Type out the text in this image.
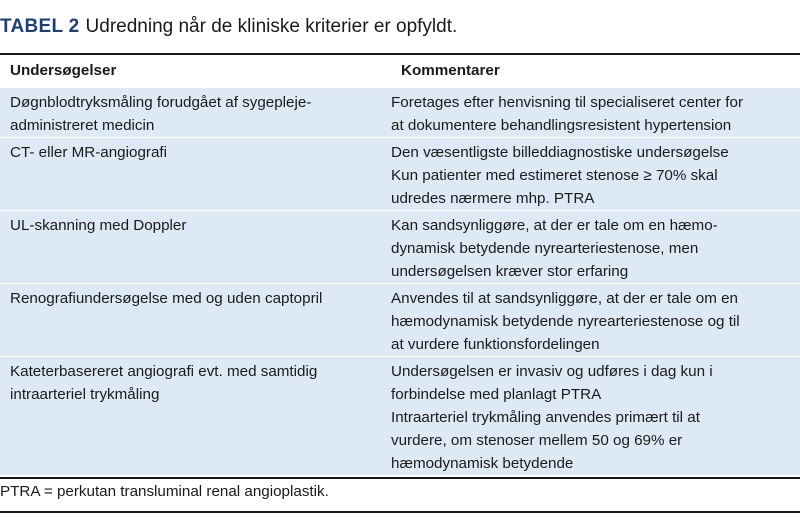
TABEL 2 Udredning når de kliniske kriterier er opfyldt.
Undersøgelser	Kommentarer

Døgnblodtryksmåling forudgået af sygepleje-
administreret medicin	Foretages efter henvisning til specialiseret center for
at dokumentere behandlingsresistent hypertension

CT- eller MR-angiografi	Den væsentligste billeddiagnostiske undersøgelse
Kun patienter med estimeret stenose ≥ 70% skal
udredes nærmere mhp. PTRA

UL-skanning med Doppler	Kan sandsynliggøre, at der er tale om en hæmo-
dynamisk betydende nyrearteriestenose, men
undersøgelsen kræver stor erfaring

Renografiundersøgelse med og uden captopril	Anvendes til at sandsynliggøre, at der er tale om en
hæmodynamisk betydende nyrearteriestenose og til
at vurdere funktionsfordelingen

Kateterbasereret angiografi evt. med samtidig
intraarteriel trykmåling	Undersøgelsen er invasiv og udføres i dag kun i
forbindelse med planlagt PTRA
Intraarteriel trykmåling anvendes primært til at
vurdere, om stenoser mellem 50 og 69% er
hæmodynamisk betydende
PTRA = perkutan transluminal renal angioplastik.
